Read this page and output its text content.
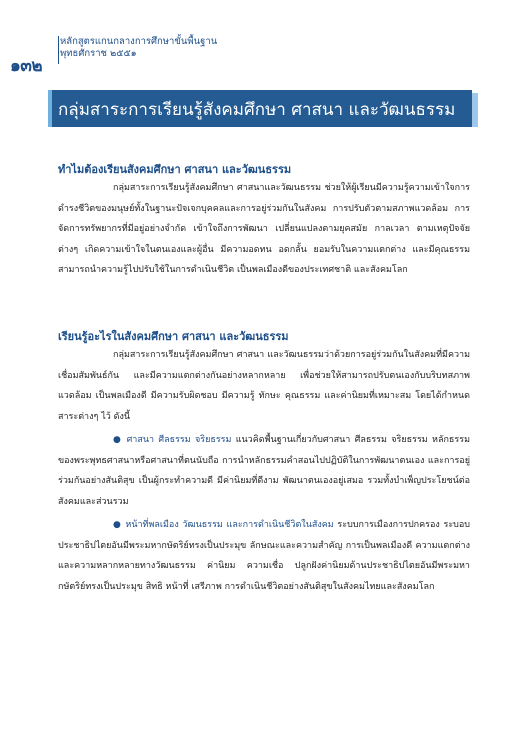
๑๓๒
หลักสูตรแกนกลางการศึกษาขั้นพื้นฐาน
พุทธศักราช ๒๕๕๑
กลุ่มสาระการเรียนรู้สังคมศึกษา ศาสนา และวัฒนธรรม
ทำไมต้องเรียนสังคมศึกษา ศาสนา และวัฒนธรรม

กลุ่มสาระการเรียนรู้สังคมศึกษา ศาสนาและวัฒนธรรม ช่วยให้ผู้เรียนมีความรู้ความเข้าใจการดำรงชีวิตของมนุษย์ทั้งในฐานะปัจเจกบุคคลและการอยู่ร่วมกันในสังคม การปรับตัวตามสภาพแวดล้อม การจัดการทรัพยากรที่มีอยู่อย่างจำกัด เข้าใจถึงการพัฒนา เปลี่ยนแปลงตามยุคสมัย กาลเวลา ตามเหตุปัจจัยต่างๆ เกิดความเข้าใจในตนเองและผู้อื่น มีความอดทน อดกลั้น ยอมรับในความแตกต่าง และมีคุณธรรม สามารถนำความรู้ไปปรับใช้ในการดำเนินชีวิต เป็นพลเมืองดีของประเทศชาติ และสังคมโลก

เรียนรู้อะไรในสังคมศึกษา ศาสนา และวัฒนธรรม

กลุ่มสาระการเรียนรู้สังคมศึกษา ศาสนา และวัฒนธรรมว่าด้วยการอยู่ร่วมกันในสังคมที่มีความเชื่อมสัมพันธ์กัน และมีความแตกต่างกันอย่างหลากหลาย เพื่อช่วยให้สามารถปรับตนเองกับบริบทสภาพแวดล้อม เป็นพลเมืองดี มีความรับผิดชอบ มีความรู้ ทักษะ คุณธรรม และค่านิยมที่เหมาะสม โดยได้กำหนดสาระต่างๆ ไว้ ดังนี้

● ศาสนา ศีลธรรม จริยธรรม แนวคิดพื้นฐานเกี่ยวกับศาสนา ศีลธรรม จริยธรรม หลักธรรมของพระพุทธศาสนาหรือศาสนาที่ตนนับถือ การนำหลักธรรมคำสอนไปปฏิบัติในการพัฒนาตนเอง และการอยู่ร่วมกันอย่างสันติสุข เป็นผู้กระทำความดี มีค่านิยมที่ดีงาม พัฒนาตนเองอยู่เสมอ รวมทั้งบำเพ็ญประโยชน์ต่อสังคมและส่วนรวม

● หน้าที่พลเมือง วัฒนธรรม และการดำเนินชีวิตในสังคม ระบบการเมืองการปกครอง ระบอบประชาธิปไตยอันมีพระมหากษัตริย์ทรงเป็นประมุข ลักษณะและความสำคัญ การเป็นพลเมืองดี ความแตกต่างและความหลากหลายทางวัฒนธรรม ค่านิยม ความเชื่อ ปลูกฝังค่านิยมด้านประชาธิปไตยอันมีพระมหากษัตริย์ทรงเป็นประมุข สิทธิ หน้าที่ เสรีภาพ การดำเนินชีวิตอย่างสันติสุขในสังคมไทยและสังคมโลก
